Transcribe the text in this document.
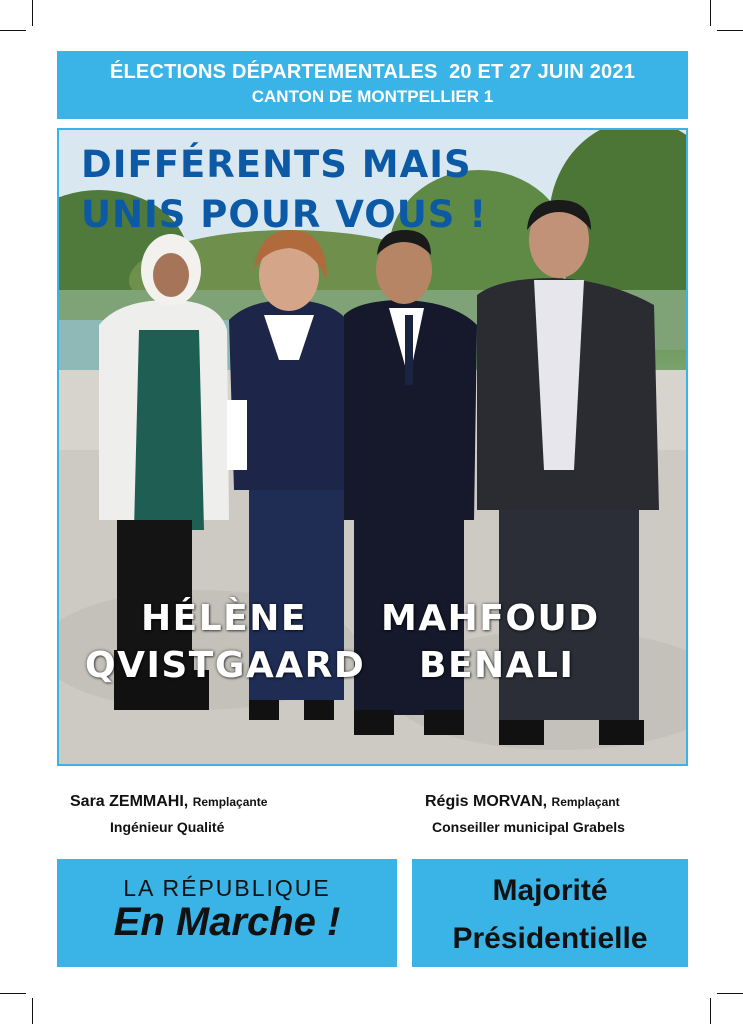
ÉLECTIONS DÉPARTEMENTALES  20 ET 27 JUIN 2021
CANTON DE MONTPELLIER 1
DIFFÉRENTS MAIS
UNIS POUR VOUS !
HÉLÈNE
QVISTGAARD
MAHFOUD
BENALI
Sara ZEMMAHI, Remplaçante
Ingénieur Qualité
Régis MORVAN, Remplaçant
Conseiller municipal Grabels
LA RÉPUBLIQUE
En Marche !
Majorité
Présidentielle
